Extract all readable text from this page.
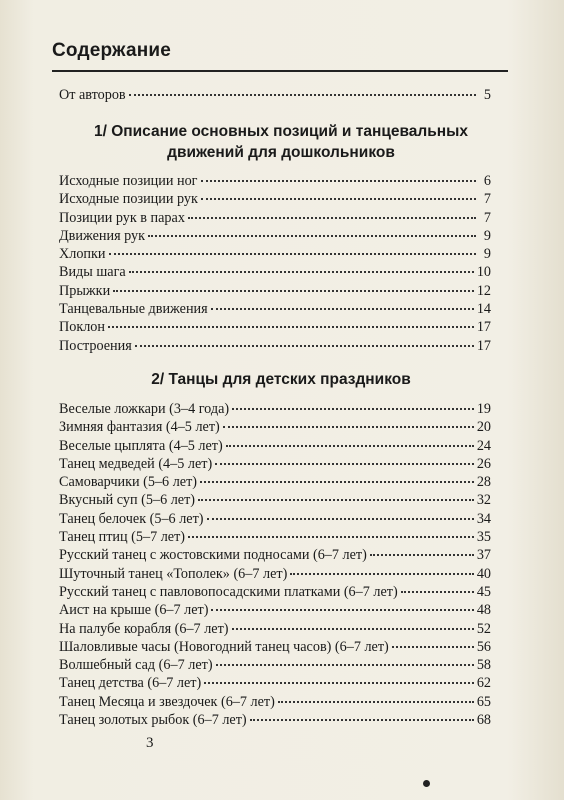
Содержание
От авторов	5
1/ Описание основных позиций и танцевальных
движений для дошкольников
Исходные позиции ног	6
Исходные позиции рук	7
Позиции рук в парах	7
Движения рук	9
Хлопки	9
Виды шага	10
Прыжки	12
Танцевальные движения	14
Поклон	17
Построения	17
2/ Танцы для детских праздников
Веселые ложкари (3–4 года)	19
Зимняя фантазия (4–5 лет)	20
Веселые цыплята (4–5 лет)	24
Танец медведей (4–5 лет)	26
Самоварчики (5–6 лет)	28
Вкусный суп (5–6 лет)	32
Танец белочек (5–6 лет)	34
Танец птиц (5–7 лет)	35
Русский танец с жостовскими подносами (6–7 лет)	37
Шуточный танец «Тополек» (6–7 лет)	40
Русский танец с павловопосадскими платками (6–7 лет)	45
Аист на крыше (6–7 лет)	48
На палубе корабля (6–7 лет)	52
Шаловливые часы (Новогодний танец часов) (6–7 лет)	56
Волшебный сад (6–7 лет)	58
Танец детства (6–7 лет)	62
Танец Месяца и звездочек (6–7 лет)	65
Танец золотых рыбок (6–7 лет)	68
3
